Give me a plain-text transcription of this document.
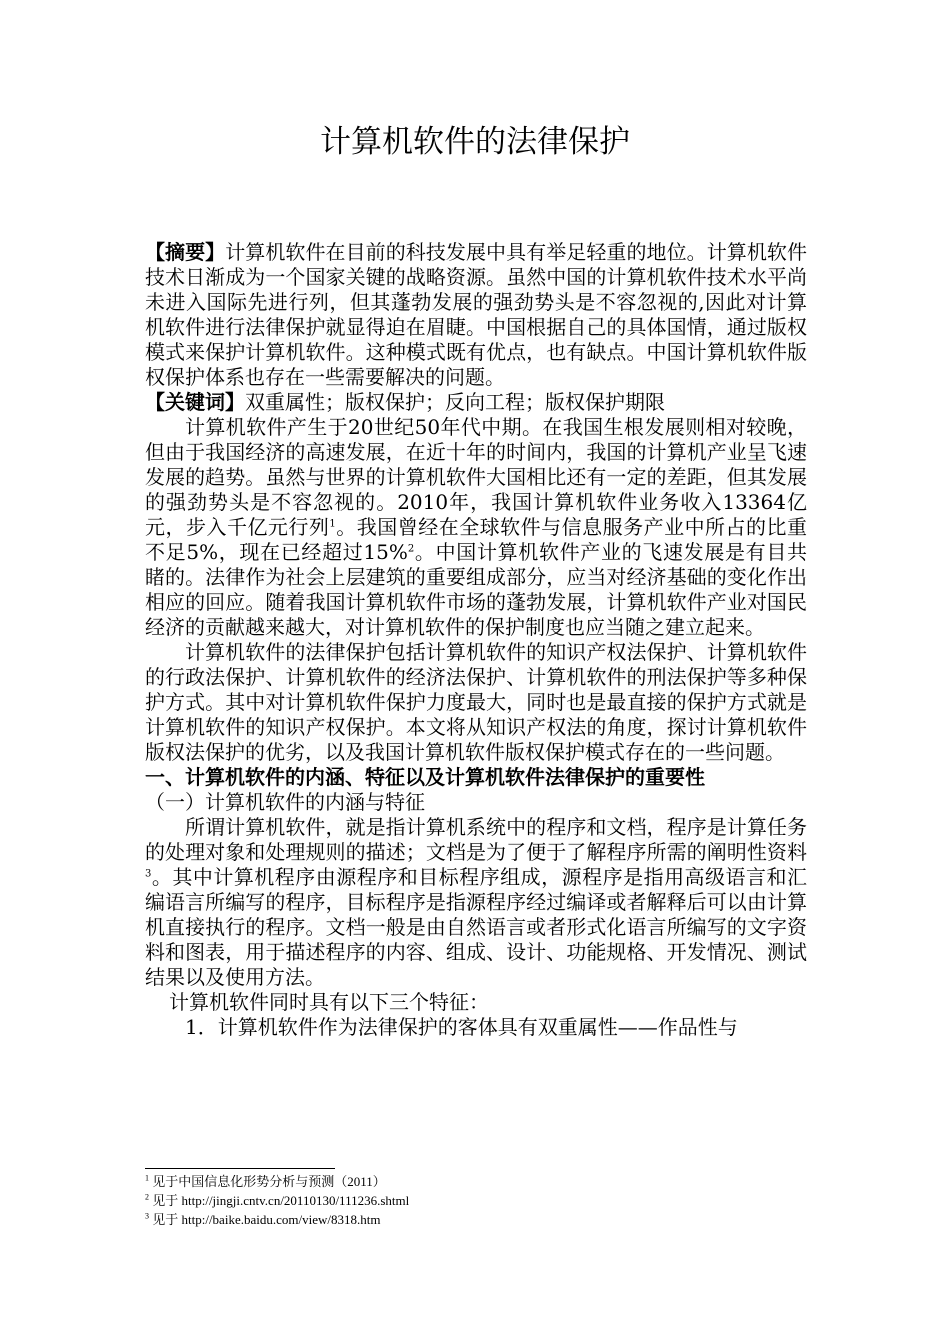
计算机软件的法律保护

【摘要】计算机软件在目前的科技发展中具有举足轻重的地位。计算机软件技术日渐成为一个国家关键的战略资源。虽然中国的计算机软件技术水平尚未进入国际先进行列，但其蓬勃发展的强劲势头是不容忽视的,因此对计算机软件进行法律保护就显得迫在眉睫。中国根据自己的具体国情，通过版权模式来保护计算机软件。这种模式既有优点，也有缺点。中国计算机软件版权保护体系也存在一些需要解决的问题。

【关键词】双重属性；版权保护；反向工程；版权保护期限

计算机软件产生于20世纪50年代中期。在我国生根发展则相对较晚，但由于我国经济的高速发展，在近十年的时间内，我国的计算机产业呈飞速发展的趋势。虽然与世界的计算机软件大国相比还有一定的差距，但其发展的强劲势头是不容忽视的。2010年，我国计算机软件业务收入13364亿元，步入千亿元行列$^1$。我国曾经在全球软件与信息服务产业中所占的比重不足5%，现在已经超过15%$^2$。中国计算机软件产业的飞速发展是有目共睹的。法律作为社会上层建筑的重要组成部分，应当对经济基础的变化作出相应的回应。随着我国计算机软件市场的蓬勃发展，计算机软件产业对国民经济的贡献越来越大，对计算机软件的保护制度也应当随之建立起来。

计算机软件的法律保护包括计算机软件的知识产权法保护、计算机软件的行政法保护、计算机软件的经济法保护、计算机软件的刑法保护等多种保护方式。其中对计算机软件保护力度最大，同时也是最直接的保护方式就是计算机软件的知识产权保护。本文将从知识产权法的角度，探讨计算机软件版权法保护的优劣，以及我国计算机软件版权保护模式存在的一些问题。

一、计算机软件的内涵、特征以及计算机软件法律保护的重要性

（一）计算机软件的内涵与特征

所谓计算机软件，就是指计算机系统中的程序和文档，程序是计算任务的处理对象和处理规则的描述；文档是为了便于了解程序所需的阐明性资料$^3$。其中计算机程序由源程序和目标程序组成，源程序是指用高级语言和汇编语言所编写的程序，目标程序是指源程序经过编译或者解释后可以由计算机直接执行的程序。文档一般是由自然语言或者形式化语言所编写的文字资料和图表，用于描述程序的内容、组成、设计、功能规格、开发情况、测试结果以及使用方法。

计算机软件同时具有以下三个特征：

1．计算机软件作为法律保护的客体具有双重属性——作品性与

$^1$ 见于中国信息化形势分析与预测（2011）
$^2$ 见于 http://jingji.cntv.cn/20110130/111236.shtml
$^3$ 见于 http://baike.baidu.com/view/8318.htm
